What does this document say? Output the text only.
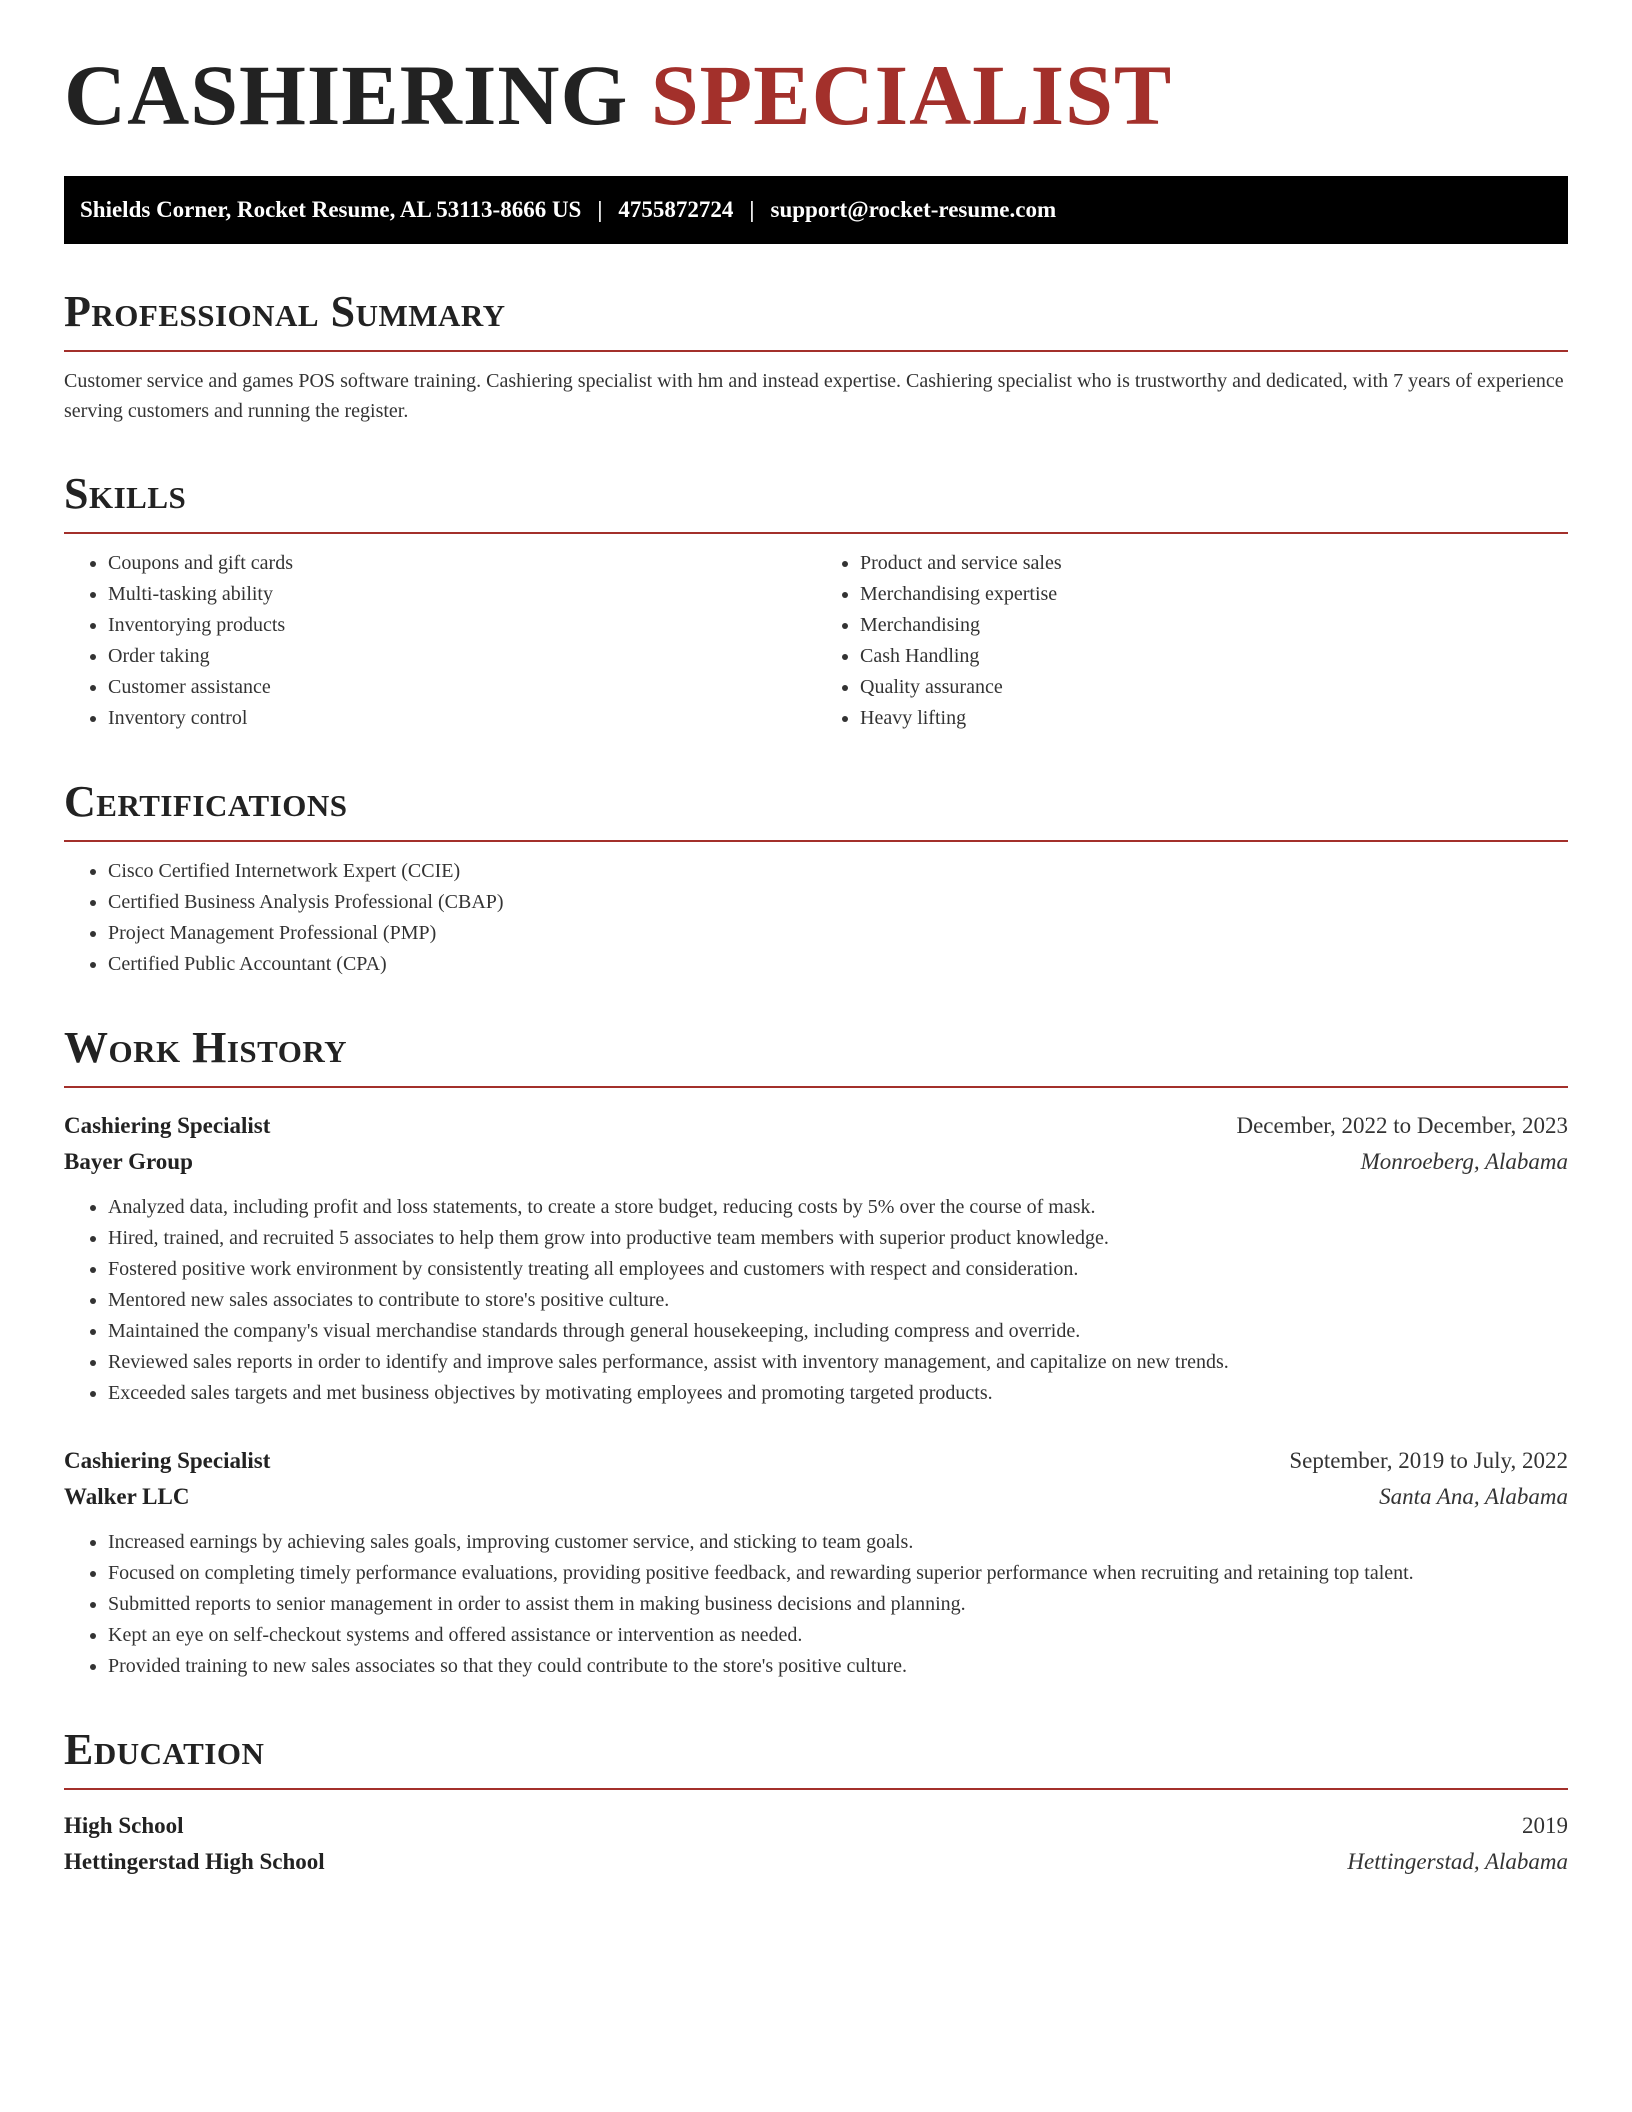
CASHIERING SPECIALIST
Shields Corner, Rocket Resume, AL 53113-8666 US | 4755872724 | support@rocket-resume.com
Professional Summary

Customer service and games POS software training. Cashiering specialist with hm and instead expertise. Cashiering specialist who is trustworthy and dedicated, with 7 years of experience serving customers and running the register.

Skills
• Coupons and gift cards
• Multi-tasking ability
• Inventorying products
• Order taking
• Customer assistance
• Inventory control
• Product and service sales
• Merchandising expertise
• Merchandising
• Cash Handling
• Quality assurance
• Heavy lifting
Certifications
• Cisco Certified Internetwork Expert (CCIE)
• Certified Business Analysis Professional (CBAP)
• Project Management Professional (PMP)
• Certified Public Accountant (CPA)
Work History
Cashiering Specialist	December, 2022 to December, 2023
Bayer Group	Monroeberg, Alabama
• Analyzed data, including profit and loss statements, to create a store budget, reducing costs by 5% over the course of mask.
• Hired, trained, and recruited 5 associates to help them grow into productive team members with superior product knowledge.
• Fostered positive work environment by consistently treating all employees and customers with respect and consideration.
• Mentored new sales associates to contribute to store's positive culture.
• Maintained the company's visual merchandise standards through general housekeeping, including compress and override.
• Reviewed sales reports in order to identify and improve sales performance, assist with inventory management, and capitalize on new trends.
• Exceeded sales targets and met business objectives by motivating employees and promoting targeted products.
Cashiering Specialist	September, 2019 to July, 2022
Walker LLC	Santa Ana, Alabama
• Increased earnings by achieving sales goals, improving customer service, and sticking to team goals.
• Focused on completing timely performance evaluations, providing positive feedback, and rewarding superior performance when recruiting and retaining top talent.
• Submitted reports to senior management in order to assist them in making business decisions and planning.
• Kept an eye on self-checkout systems and offered assistance or intervention as needed.
• Provided training to new sales associates so that they could contribute to the store's positive culture.
Education
High School	2019
Hettingerstad High School	Hettingerstad, Alabama
